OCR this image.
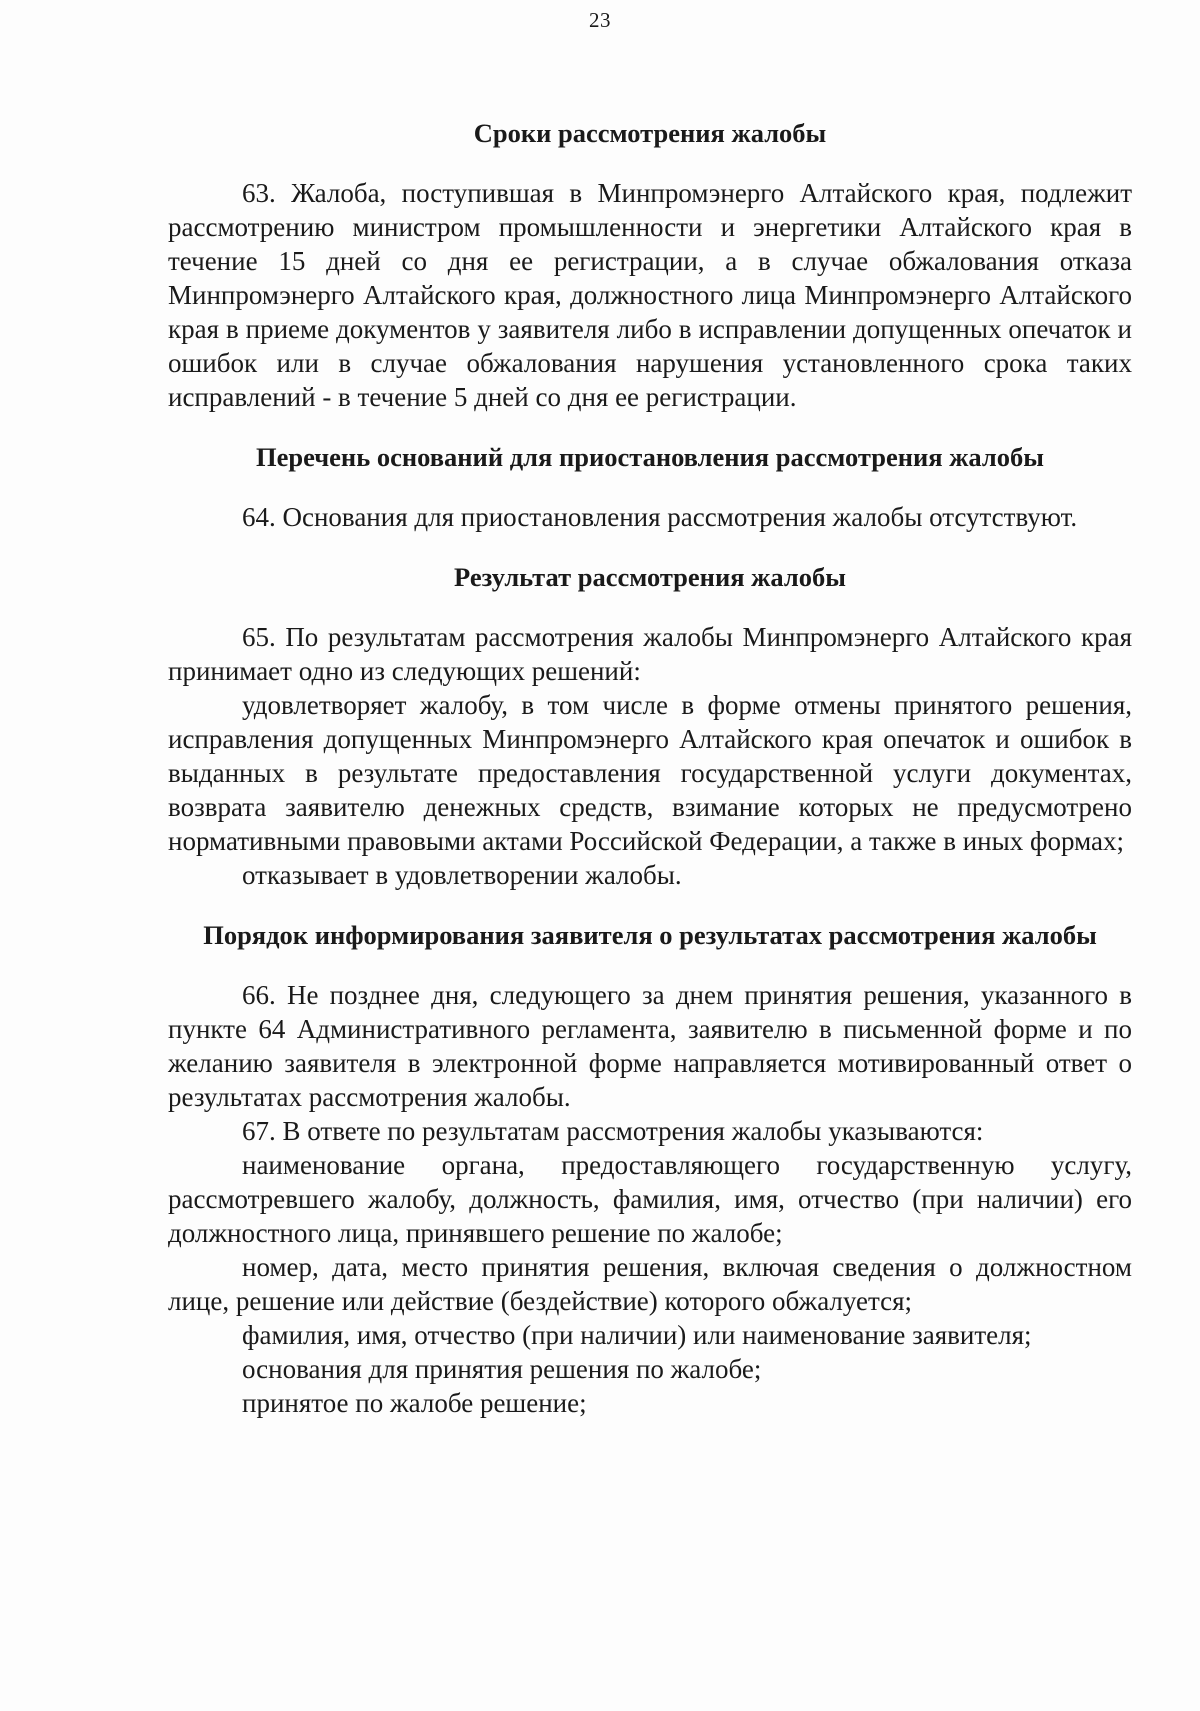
23

Сроки рассмотрения жалобы

63. Жалоба, поступившая в Минпромэнерго Алтайского края, подлежит рассмотрению министром промышленности и энергетики Алтайского края в течение 15 дней со дня ее регистрации, а в случае обжалования отказа Минпромэнерго Алтайского края, должностного лица Минпромэнерго Алтайского края в приеме документов у заявителя либо в исправлении допущенных опечаток и ошибок или в случае обжалования нарушения установленного срока таких исправлений - в течение 5 дней со дня ее регистрации.

Перечень оснований для приостановления рассмотрения жалобы

64. Основания для приостановления рассмотрения жалобы отсутствуют.

Результат рассмотрения жалобы

65. По результатам рассмотрения жалобы Минпромэнерго Алтайского края принимает одно из следующих решений:

удовлетворяет жалобу, в том числе в форме отмены принятого решения, исправления допущенных Минпромэнерго Алтайского края опечаток и ошибок в выданных в результате предоставления государственной услуги документах, возврата заявителю денежных средств, взимание которых не предусмотрено нормативными правовыми актами Российской Федерации, а также в иных формах;

отказывает в удовлетворении жалобы.

Порядок информирования заявителя о результатах рассмотрения жалобы

66. Не позднее дня, следующего за днем принятия решения, указанного в пункте 64 Административного регламента, заявителю в письменной форме и по желанию заявителя в электронной форме направляется мотивированный ответ о результатах рассмотрения жалобы.

67. В ответе по результатам рассмотрения жалобы указываются:

наименование органа, предоставляющего государственную услугу, рассмотревшего жалобу, должность, фамилия, имя, отчество (при наличии) его должностного лица, принявшего решение по жалобе;

номер, дата, место принятия решения, включая сведения о должностном лице, решение или действие (бездействие) которого обжалуется;

фамилия, имя, отчество (при наличии) или наименование заявителя;

основания для принятия решения по жалобе;

принятое по жалобе решение;
